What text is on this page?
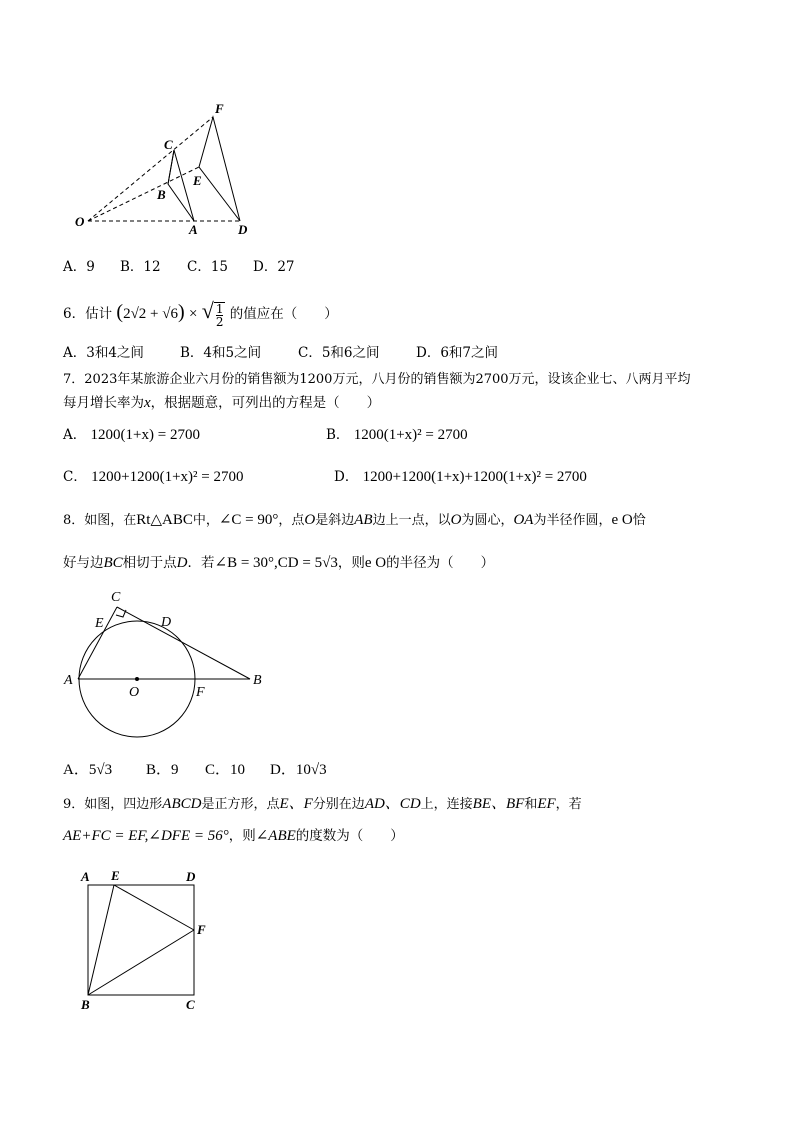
F
C
E
B
O
A	D
A．9 B．12 C．15 D．27
6．估计 (2√2 + √6) × √ $\frac{1}{2}$ 的值应在（　　）
A．3和4之间	B．4和5之间	C．5和6之间	D．6和7之间
7．2023年某旅游企业六月份的销售额为1200万元，八月份的销售额为2700万元，设该企业七、八两月平均
每月增长率为x，根据题意，可列出的方程是（　　）
A． 1200(1+x) = 2700	B． 1200(1+x)² = 2700
C． 1200+1200(1+x)² = 2700	D． 1200+1200(1+x)+1200(1+x)² = 2700
8．如图，在Rt△ABC中，∠C = 90°，点O是斜边AB边上一点，以O为圆心，OA为半径作圆，e O恰
好与边BC相切于点D．若∠B = 30°,CD = 5√3，则e O的半径为（　　）
C
E	D
A
O	F
B
A．5√3 B．9 C．10 D．10√3
9．如图，四边形ABCD是正方形，点E、F分别在边AD、CD上，连接BE、BF和EF，若
AE+FC = EF,∠DFE = 56°，则∠ABE的度数为（　　）
A E	D
F
B	C
